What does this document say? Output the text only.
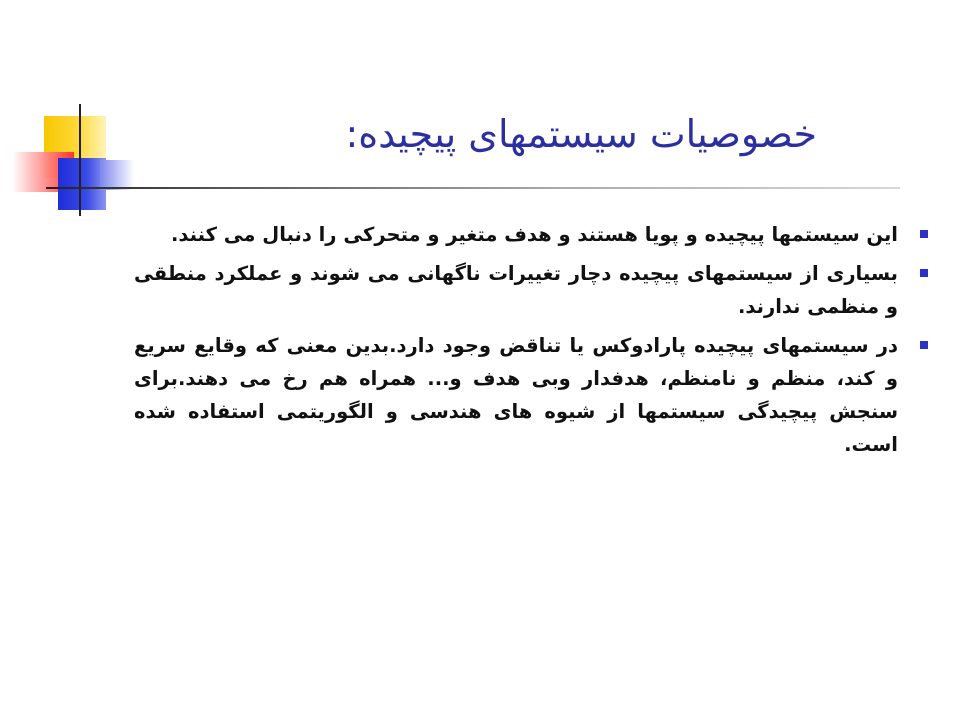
خصوصیات سیستمهای پیچیده:
این سیستمها پیچیده و پویا هستند و هدف متغیر و متحرکی را دنبال می کنند.
بسیاری از سیستمهای پیچیده دچار تغییرات ناگهانی می شوند و عملکرد منطقی و منظمی ندارند.
در سیستمهای پیچیده پارادوکس یا تناقض وجود دارد.بدین معنی که وقایع سریع و کند، منظم و نامنظم، هدفدار وبی هدف و... همراه هم رخ می دهند.برای سنجش پیچیدگی سیستمها از شیوه های هندسی و الگوریتمی استفاده شده است.
